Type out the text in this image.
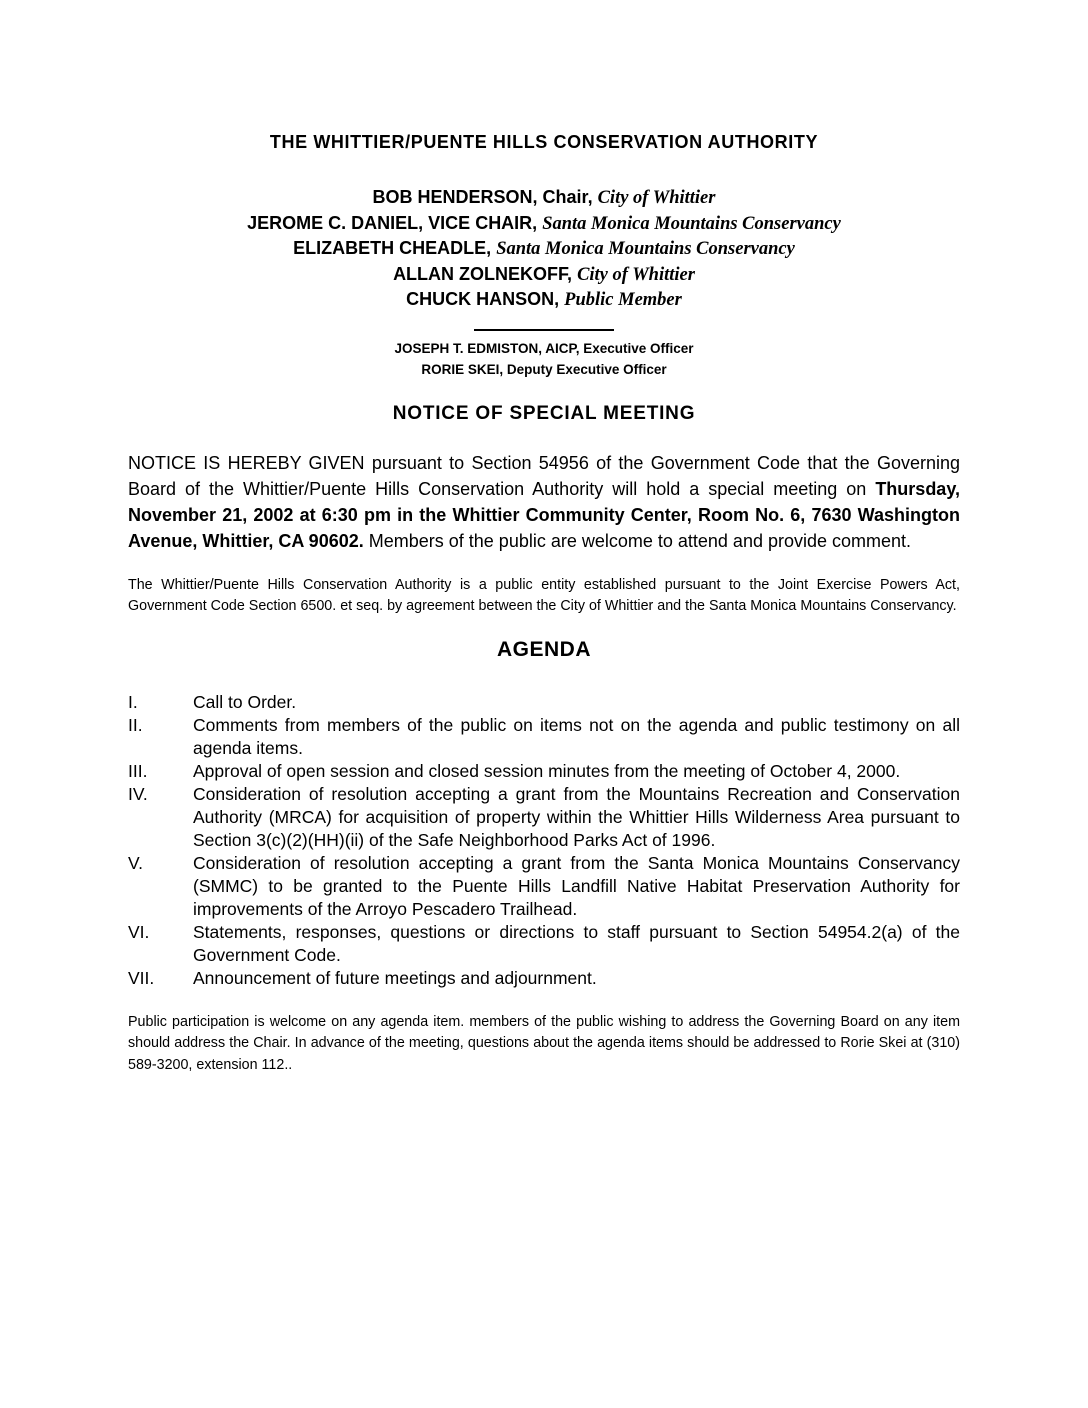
THE WHITTIER/PUENTE HILLS CONSERVATION AUTHORITY
BOB HENDERSON, Chair, City of Whittier
JEROME C. DANIEL, VICE CHAIR, Santa Monica Mountains Conservancy
ELIZABETH CHEADLE, Santa Monica Mountains Conservancy
ALLAN ZOLNEKOFF, City of Whittier
CHUCK HANSON, Public Member
JOSEPH T. EDMISTON, AICP, Executive Officer
RORIE SKEI, Deputy Executive Officer
NOTICE OF SPECIAL MEETING

NOTICE IS HEREBY GIVEN pursuant to Section 54956 of the Government Code that the Governing Board of the Whittier/Puente Hills Conservation Authority will hold a special meeting on Thursday, November 21, 2002 at 6:30 pm in the Whittier Community Center, Room No. 6, 7630 Washington Avenue, Whittier, CA 90602. Members of the public are welcome to attend and provide comment.

The Whittier/Puente Hills Conservation Authority is a public entity established pursuant to the Joint Exercise Powers Act, Government Code Section 6500. et seq. by agreement between the City of Whittier and the Santa Monica Mountains Conservancy.

AGENDA
I.	Call to Order.
II.	Comments from members of the public on items not on the agenda and public testimony on all agenda items.
III.	Approval of open session and closed session minutes from the meeting of October 4, 2000.
IV.	Consideration of resolution accepting a grant from the Mountains Recreation and Conservation Authority (MRCA) for acquisition of property within the Whittier Hills Wilderness Area pursuant to Section 3(c)(2)(HH)(ii) of the Safe Neighborhood Parks Act of 1996.
V.	Consideration of resolution accepting a grant from the Santa Monica Mountains Conservancy (SMMC) to be granted to the Puente Hills Landfill Native Habitat Preservation Authority for improvements of the Arroyo Pescadero Trailhead.
VI.	Statements, responses, questions or directions to staff pursuant to Section 54954.2(a) of the Government Code.
VII.	Announcement of future meetings and adjournment.

Public participation is welcome on any agenda item. members of the public wishing to address the Governing Board on any item should address the Chair. In advance of the meeting, questions about the agenda items should be addressed to Rorie Skei at (310) 589-3200, extension 112..
